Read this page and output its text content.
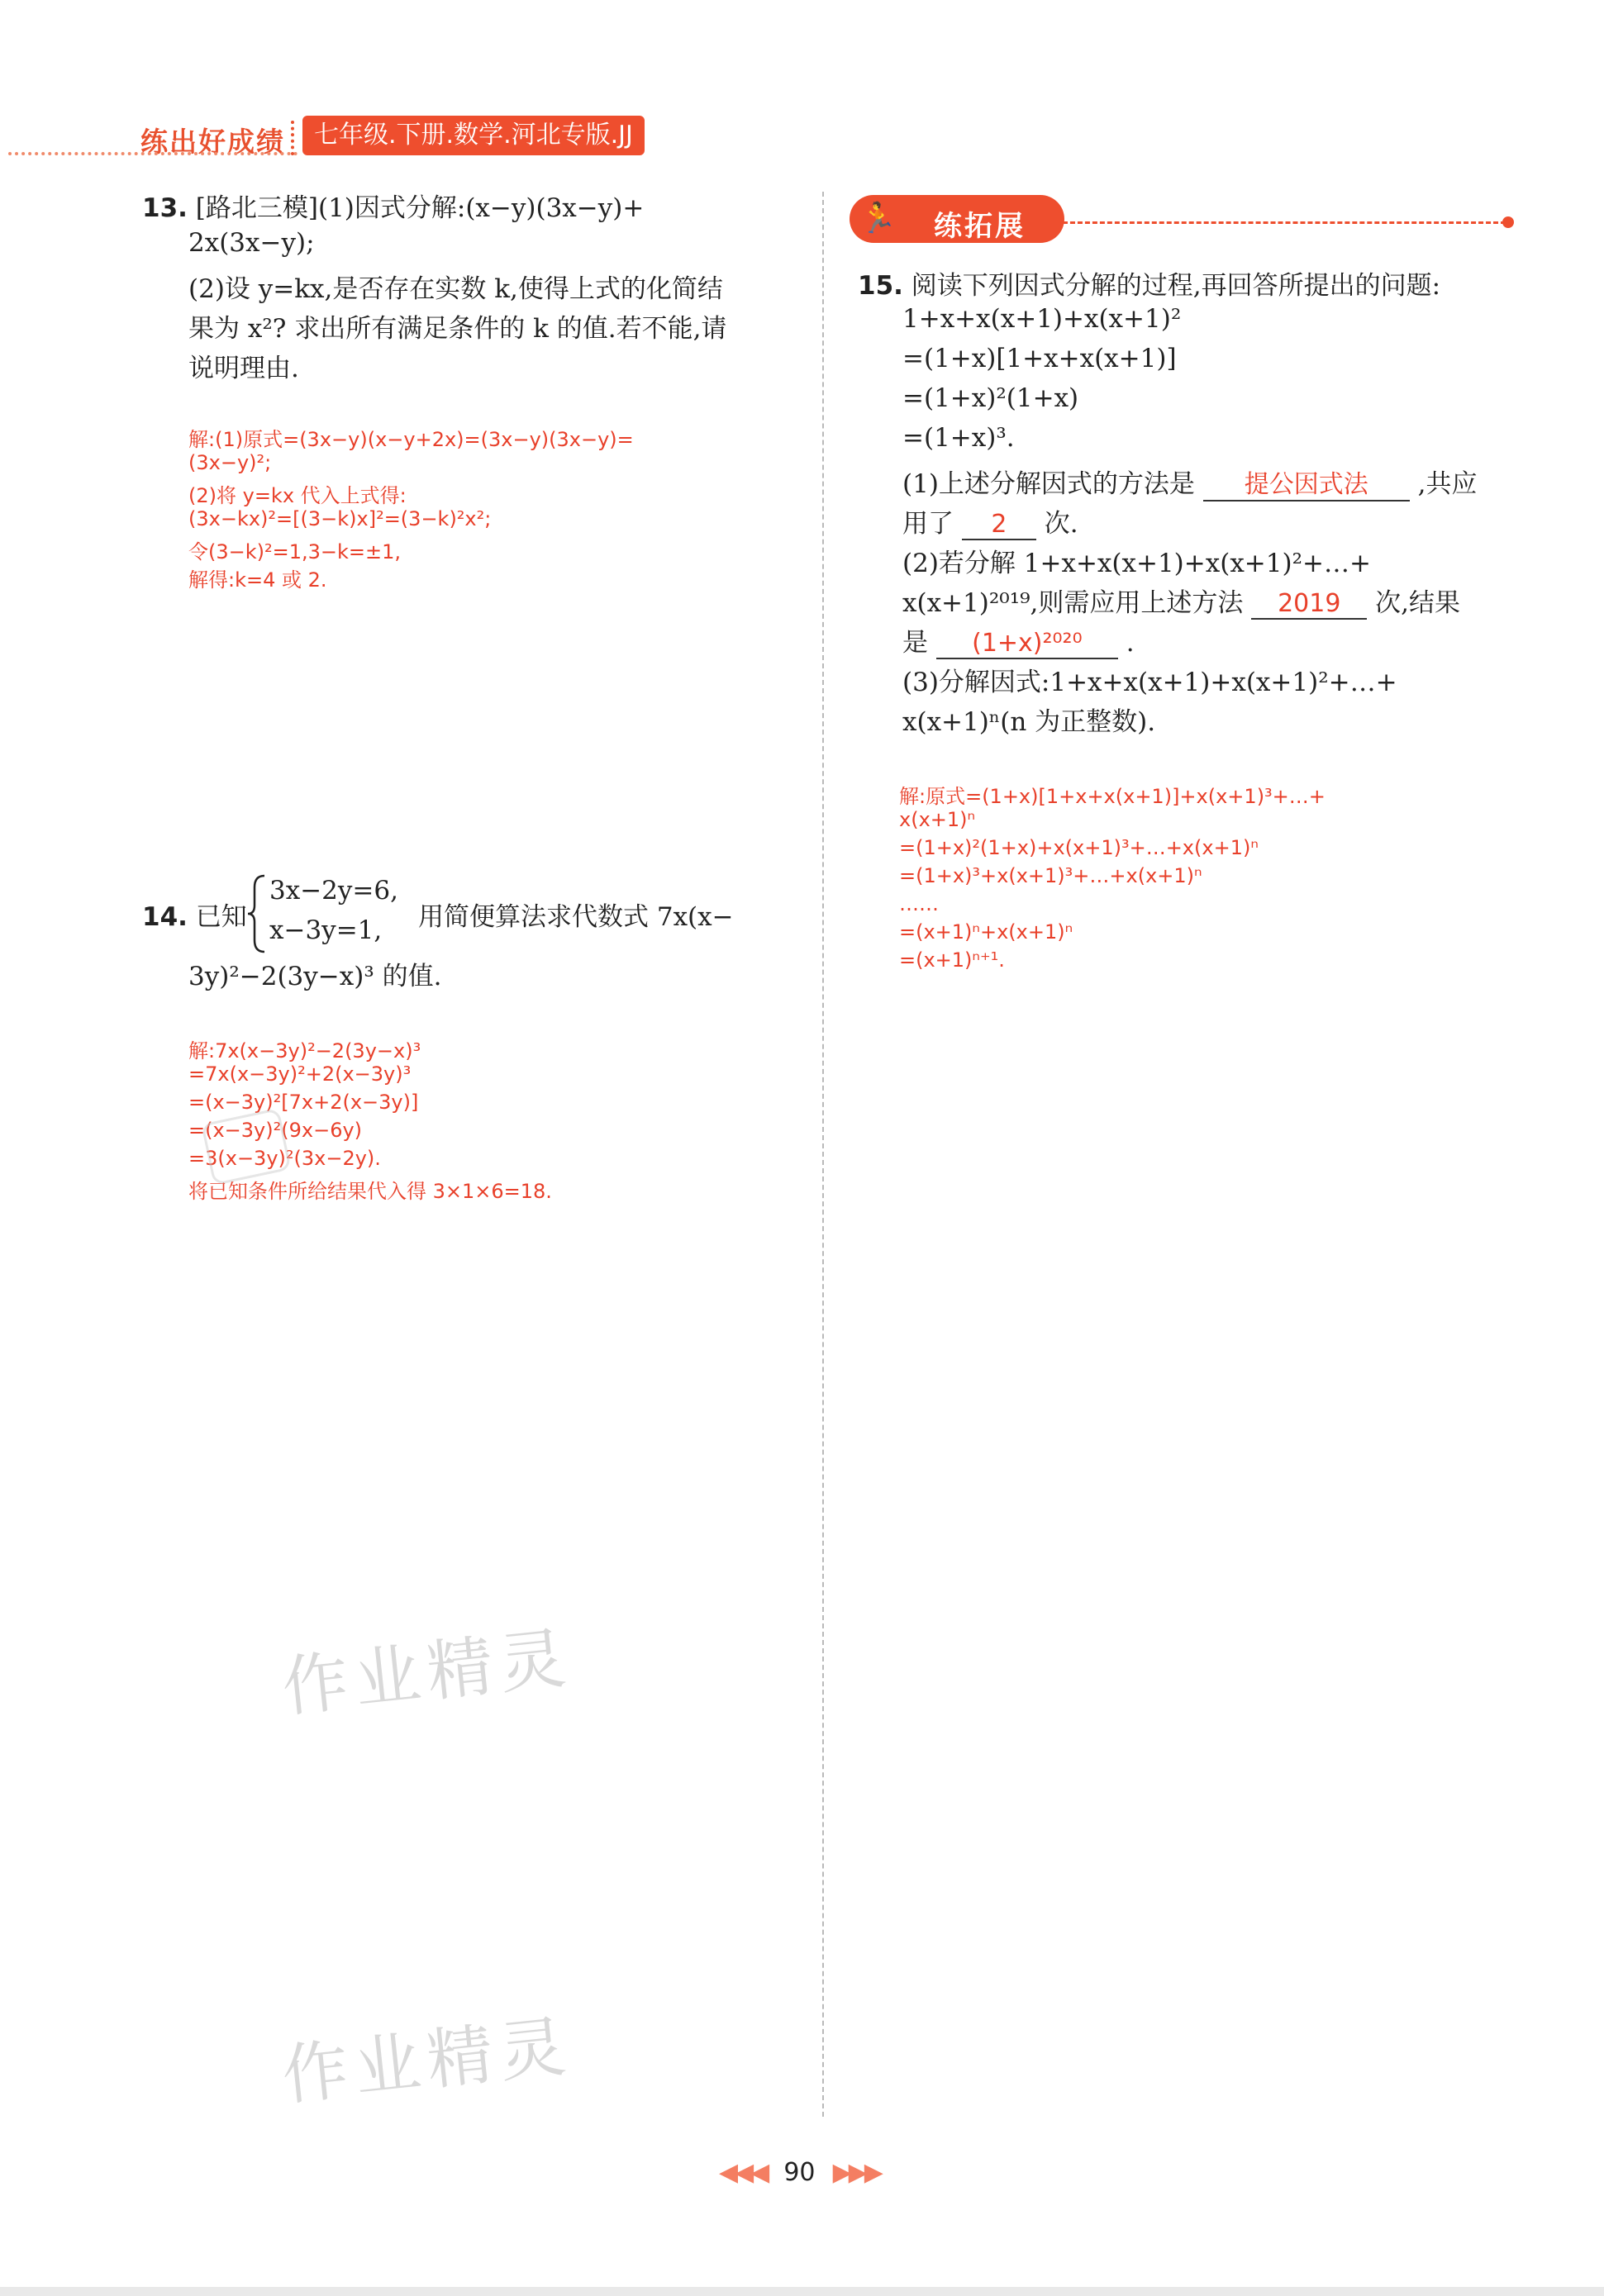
练出好成绩	七年级.下册.数学.河北专版.JJ
13. [路北三模](1)因式分解:(x−y)(3x−y)+
2x(3x−y);
(2)设 y=kx,是否存在实数 k,使得上式的化简结
果为 x²? 求出所有满足条件的 k 的值.若不能,请
说明理由.
解:(1)原式=(3x−y)(x−y+2x)=(3x−y)(3x−y)=
(3x−y)²;
(2)将 y=kx 代入上式得:
(3x−kx)²=[(3−k)x]²=(3−k)²x²;
令(3−k)²=1,3−k=±1,
解得:k=4 或 2.
14. 已知
3x−2y=6,
x−3y=1, 用简便算法求代数式 7x(x−
3y)²−2(3y−x)³ 的值.
解:7x(x−3y)²−2(3y−x)³
=7x(x−3y)²+2(x−3y)³
=(x−3y)²[7x+2(x−3y)]
=(x−3y)²(9x−6y)
=3(x−3y)²(3x−2y).
将已知条件所给结果代入得 3×1×6=18.
🏃	练拓展
15. 阅读下列因式分解的过程,再回答所提出的问题:
1+x+x(x+1)+x(x+1)²
=(1+x)[1+x+x(x+1)]
=(1+x)²(1+x)
=(1+x)³.
(1)上述分解因式的方法是 提公因式法 ,共应
用了 2 次.
(2)若分解 1+x+x(x+1)+x(x+1)²+…+
x(x+1)²⁰¹⁹,则需应用上述方法 2019 次,结果
是 (1+x)²⁰²⁰ .
(3)分解因式:1+x+x(x+1)+x(x+1)²+…+
x(x+1)ⁿ(n 为正整数).
解:原式=(1+x)[1+x+x(x+1)]+x(x+1)³+…+
x(x+1)ⁿ
=(1+x)²(1+x)+x(x+1)³+…+x(x+1)ⁿ
=(1+x)³+x(x+1)³+…+x(x+1)ⁿ
……
=(x+1)ⁿ+x(x+1)ⁿ
=(x+1)ⁿ⁺¹.
作业精灵
作业精灵
◀◀◀ 90 ▶▶▶
